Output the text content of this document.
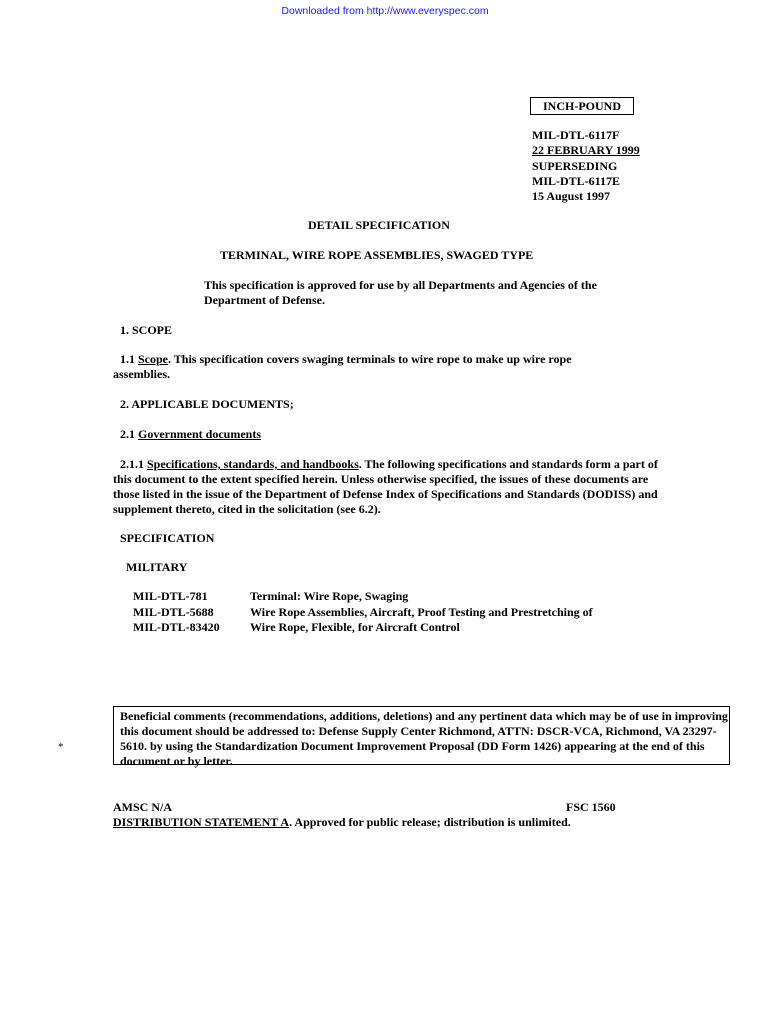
Downloaded from http://www.everyspec.com
INCH-POUND
MIL-DTL-6117F
22 FEBRUARY 1999
SUPERSEDING
MIL-DTL-6117E
15 August 1997
DETAIL SPECIFICATION
TERMINAL, WIRE ROPE ASSEMBLIES, SWAGED TYPE
This specification is approved for use by all Departments and Agencies of the Department of Defense.
1. SCOPE
1.1 Scope. This specification covers swaging terminals to wire rope to make up wire rope assemblies.
2. APPLICABLE DOCUMENTS;
2.1 Government documents
2.1.1 Specifications, standards, and handbooks. The following specifications and standards form a part of this document to the extent specified herein. Unless otherwise specified, the issues of these documents are those listed in the issue of the Department of Defense Index of Specifications and Standards (DODISS) and supplement thereto, cited in the solicitation (see 6.2).
SPECIFICATION
MILITARY
MIL-DTL-781	Terminal: Wire Rope, Swaging
MIL-DTL-5688	Wire Rope Assemblies, Aircraft, Proof Testing and Prestretching of
MIL-DTL-83420	Wire Rope, Flexible, for Aircraft Control
*
Beneficial comments (recommendations, additions, deletions) and any pertinent data which may be of use in improving this document should be addressed to: Defense Supply Center Richmond, ATTN: DSCR-VCA, Richmond, VA 23297-5610. by using the Standardization Document Improvement Proposal (DD Form 1426) appearing at the end of this document or by letter.
AMSC N/A	FSC 1560
DISTRIBUTION STATEMENT A. Approved for public release; distribution is unlimited.
